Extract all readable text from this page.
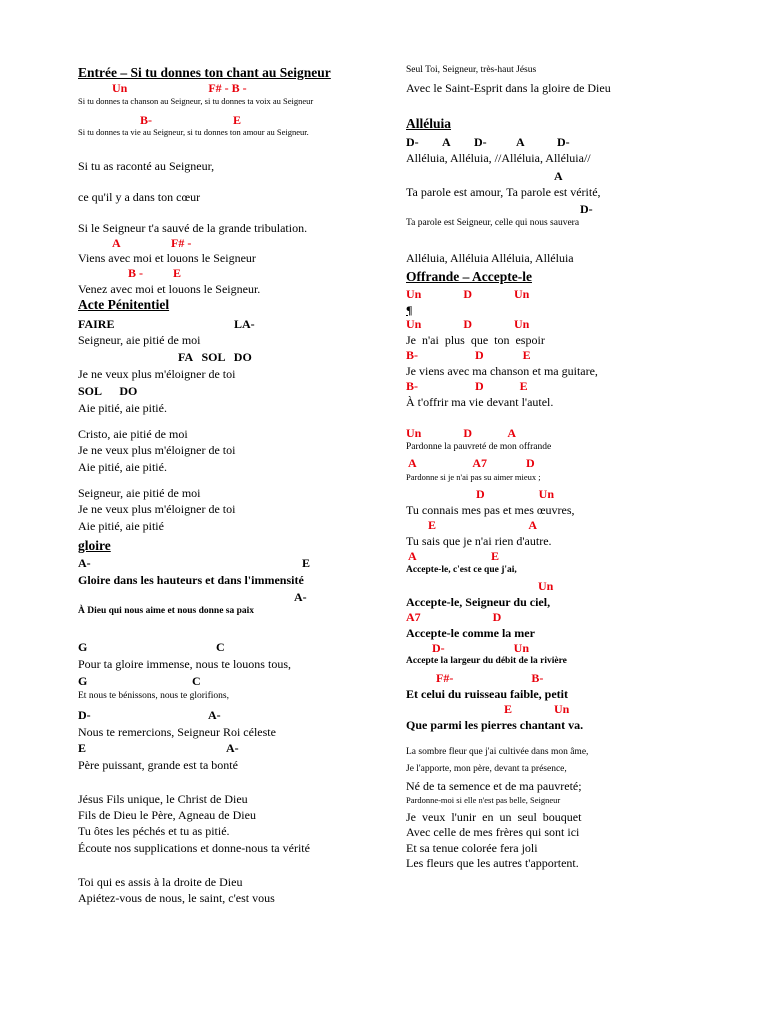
Entrée – Si tu donnes ton chant au Seigneur
Un                           F# - B -
Si tu donnes ta chanson au Seigneur, si tu donnes ta voix au Seigneur
B-                           E
Si tu donnes ta vie au Seigneur, si tu donnes ton amour au Seigneur.
Si tu as raconté au Seigneur,
ce qu'il y a dans ton cœur
Si le Seigneur t'a sauvé de la grande tribulation.
A                 F# -
Viens avec moi et louons le Seigneur
B -          E
Venez avec moi et louons le Seigneur.
Acte Pénitentiel
FAIRE	LA-
Seigneur, aie pitié de moi
FA   SOL   DO
Je ne veux plus m'éloigner de toi
SOL      DO
Aie pitié, aie pitié.
Cristo, aie pitié de moi
Je ne veux plus m'éloigner de toi
Aie pitié, aie pitié.
Seigneur, aie pitié de moi
Je ne veux plus m'éloigner de toi
Aie pitié, aie pitié
gloire
A-	E
Gloire dans les hauteurs et dans l'immensité
A-
À Dieu qui nous aime et nous donne sa paix
G	C
Pour ta gloire immense, nous te louons tous,
G	C
Et nous te bénissons, nous te glorifions,
D-	A-
Nous te remercions, Seigneur Roi céleste
E	A-
Père puissant, grande est ta bonté
Jésus Fils unique, le Christ de Dieu
Fils de Dieu le Père, Agneau de Dieu
Tu ôtes les péchés et tu as pitié.
Écoute nos supplications et donne-nous ta vérité
Toi qui es assis à la droite de Dieu
Apiétez-vous de nous, le saint, c'est vous
Seul Toi, Seigneur, très-haut Jésus
Avec le Saint-Esprit dans la gloire de Dieu
Alléluia
D-        A        D-          A           D-
Alléluia, Alléluia, //Alléluia, Alléluia//
A
Ta parole est amour, Ta parole est vérité,
D-
Ta parole est Seigneur, celle qui nous sauvera
Alléluia, Alléluia Alléluia, Alléluia
Offrande – Accepte-le
Un              D              Un
¶
Un              D              Un
Je  n'ai  plus  que  ton  espoir
B-                   D             E
Je viens avec ma chanson et ma guitare,
B-                   D            E
À t'offrir ma vie devant l'autel.
Un              D            A
Pardonne la pauvreté de mon offrande
A                   A7             D
Pardonne si je n'ai pas su aimer mieux ;
D                  Un
Tu connais mes pas et mes œuvres,
E                               A
Tu sais que je n'ai rien d'autre.
A                         E
Accepte-le, c'est ce que j'ai,
Un
Accepte-le, Seigneur du ciel,
A7                        D
Accepte-le comme la mer
D-                       Un
Accepte la largeur du débit de la rivière
F#-                          B-
Et celui du ruisseau faible, petit
E              Un
Que parmi les pierres chantant va.
La sombre fleur que j'ai cultivée dans mon âme,
Je l'apporte, mon père, devant ta présence,
Né de ta semence et de ma pauvreté;
Pardonne-moi si elle n'est pas belle, Seigneur
Je  veux  l'unir  en  un  seul  bouquet
Avec celle de mes frères qui sont ici
Et sa tenue colorée fera joli
Les fleurs que les autres t'apportent.
